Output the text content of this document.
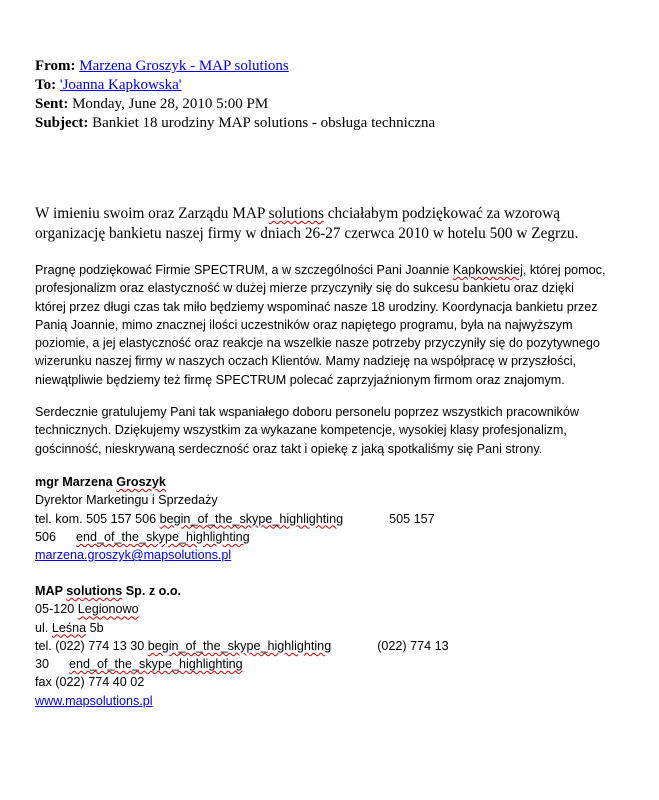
From: Marzena Groszyk - MAP solutions
To: 'Joanna Kapkowska'
Sent: Monday, June 28, 2010 5:00 PM
Subject: Bankiet 18 urodziny MAP solutions - obsługa techniczna
W imieniu swoim oraz Zarządu MAP solutions chciałabym podziękować za wzorową
organizację bankietu naszej firmy w dniach 26-27 czerwca 2010 w hotelu 500 w Zegrzu.
Pragnę podziękować Firmie SPECTRUM, a w szczególności Pani Joannie Kapkowskiej, której pomoc,
profesjonalizm oraz elastyczność w dużej mierze przyczyniły się do sukcesu bankietu oraz dzięki
której przez długi czas tak miło będziemy wspominać nasze 18 urodziny. Koordynacja bankietu przez
Panią Joannie, mimo znacznej ilości uczestników oraz napiętego programu, była na najwyższym
poziomie, a jej elastyczność oraz reakcje na wszelkie nasze potrzeby przyczyniły się do pozytywnego
wizerunku naszej firmy w naszych oczach Klientów. Mamy nadzieję na współpracę w przyszłości,
niewątpliwie będziemy też firmę SPECTRUM polecać zaprzyjaźnionym firmom oraz znajomym.
Serdecznie gratulujemy Pani tak wspaniałego doboru personelu poprzez wszystkich pracowników
technicznych. Dziękujemy wszystkim za wykazane kompetencje, wysokiej klasy profesjonalizm,
gościnność, nieskrywaną serdeczność oraz takt i opiekę z jaką spotkaliśmy się Pani strony.
mgr Marzena Groszyk
Dyrektor Marketingu i Sprzedaży
tel. kom. 505 157 506 begin_of_the_skype_highlighting	505 157
506 end_of_the_skype_highlighting
marzena.groszyk@mapsolutions.pl
MAP solutions Sp. z o.o.
05-120 Legionowo
ul. Leśna 5b
tel. (022) 774 13 30 begin_of_the_skype_highlighting	(022) 774 13
30 end_of_the_skype_highlighting
fax (022) 774 40 02
www.mapsolutions.pl
